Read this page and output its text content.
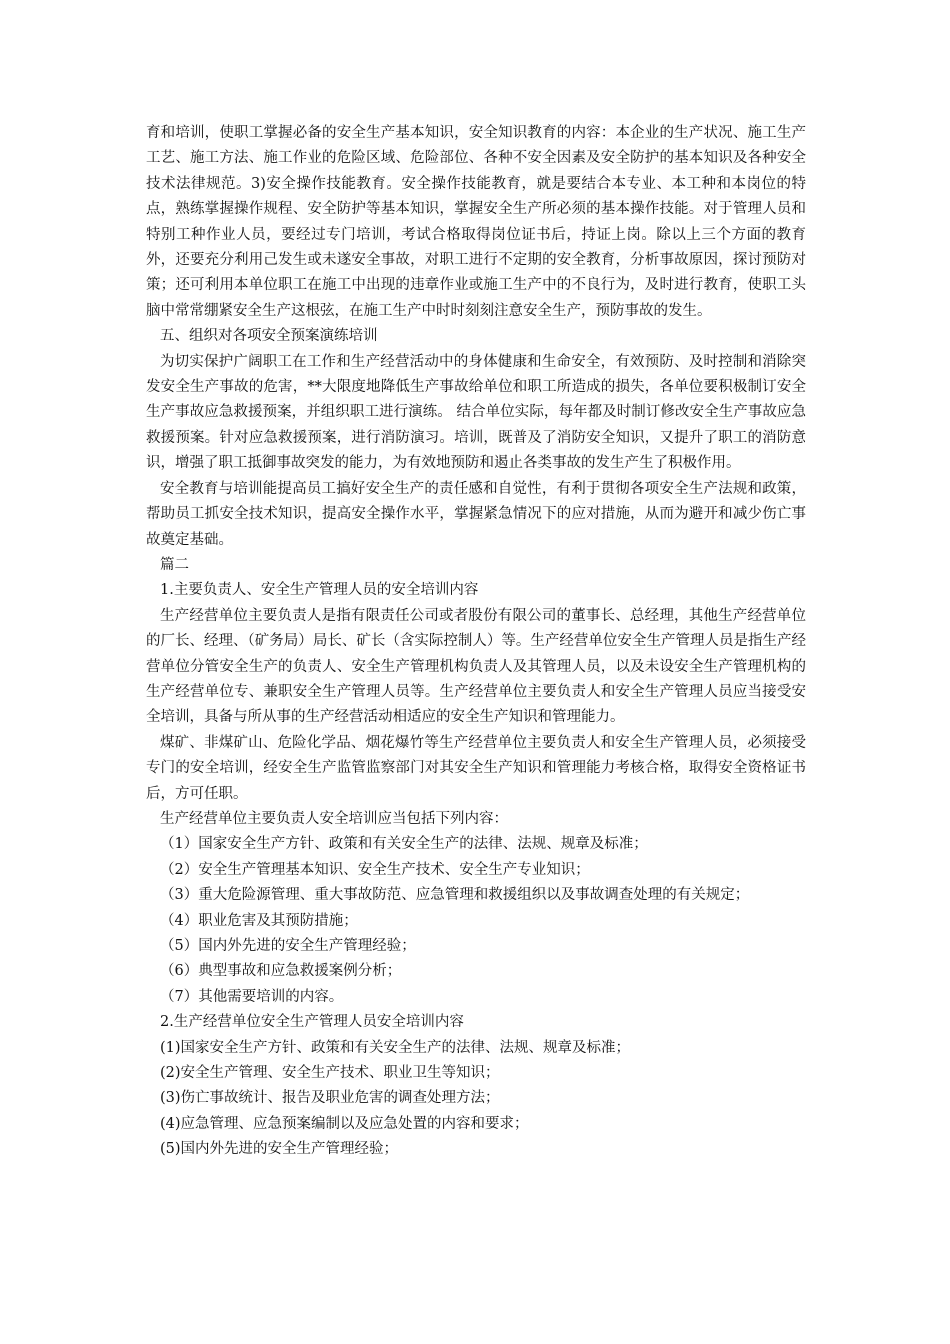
育和培训，使职工掌握必备的安全生产基本知识，安全知识教育的内容：本企业的生产状况、施工生产工艺、施工方法、施工作业的危险区域、危险部位、各种不安全因素及安全防护的基本知识及各种安全技术法律规范。3)安全操作技能教育。安全操作技能教育，就是要结合本专业、本工种和本岗位的特点，熟练掌握操作规程、安全防护等基本知识，掌握安全生产所必须的基本操作技能。对于管理人员和特别工种作业人员，要经过专门培训，考试合格取得岗位证书后，持证上岗。除以上三个方面的教育外，还要充分利用己发生或未遂安全事故，对职工进行不定期的安全教育，分析事故原因，探讨预防对策；还可利用本单位职工在施工中出现的违章作业或施工生产中的不良行为，及时进行教育，使职工头脑中常常绷紧安全生产这根弦，在施工生产中时时刻刻注意安全生产，预防事故的发生。

五、组织对各项安全预案演练培训

为切实保护广阔职工在工作和生产经营活动中的身体健康和生命安全，有效预防、及时控制和消除突发安全生产事故的危害，**大限度地降低生产事故给单位和职工所造成的损失，各单位要积极制订安全生产事故应急救援预案，并组织职工进行演练。 结合单位实际，每年都及时制订修改安全生产事故应急救援预案。针对应急救援预案，进行消防演习。培训，既普及了消防安全知识，又提升了职工的消防意识，增强了职工抵御事故突发的能力，为有效地预防和遏止各类事故的发生产生了积极作用。

安全教育与培训能提高员工搞好安全生产的责任感和自觉性，有利于贯彻各项安全生产法规和政策，帮助员工抓安全技术知识，提高安全操作水平，掌握紧急情况下的应对措施，从而为避开和减少伤亡事故奠定基础。

篇二

1.主要负责人、安全生产管理人员的安全培训内容

生产经营单位主要负责人是指有限责任公司或者股份有限公司的董事长、总经理，其他生产经营单位的厂长、经理、（矿务局）局长、矿长（含实际控制人）等。生产经营单位安全生产管理人员是指生产经营单位分管安全生产的负责人、安全生产管理机构负责人及其管理人员，以及未设安全生产管理机构的生产经营单位专、兼职安全生产管理人员等。生产经营单位主要负责人和安全生产管理人员应当接受安全培训，具备与所从事的生产经营活动相适应的安全生产知识和管理能力。

煤矿、非煤矿山、危险化学品、烟花爆竹等生产经营单位主要负责人和安全生产管理人员，必须接受专门的安全培训，经安全生产监管监察部门对其安全生产知识和管理能力考核合格，取得安全资格证书后，方可任职。

生产经营单位主要负责人安全培训应当包括下列内容：

（1）国家安全生产方针、政策和有关安全生产的法律、法规、规章及标准；

（2）安全生产管理基本知识、安全生产技术、安全生产专业知识；

（3）重大危险源管理、重大事故防范、应急管理和救援组织以及事故调查处理的有关规定；

（4）职业危害及其预防措施；

（5）国内外先进的安全生产管理经验；

（6）典型事故和应急救援案例分析；

（7）其他需要培训的内容。

2.生产经营单位安全生产管理人员安全培训内容

(1)国家安全生产方针、政策和有关安全生产的法律、法规、规章及标准；

(2)安全生产管理、安全生产技术、职业卫生等知识；

(3)伤亡事故统计、报告及职业危害的调查处理方法；

(4)应急管理、应急预案编制以及应急处置的内容和要求；

(5)国内外先进的安全生产管理经验；
